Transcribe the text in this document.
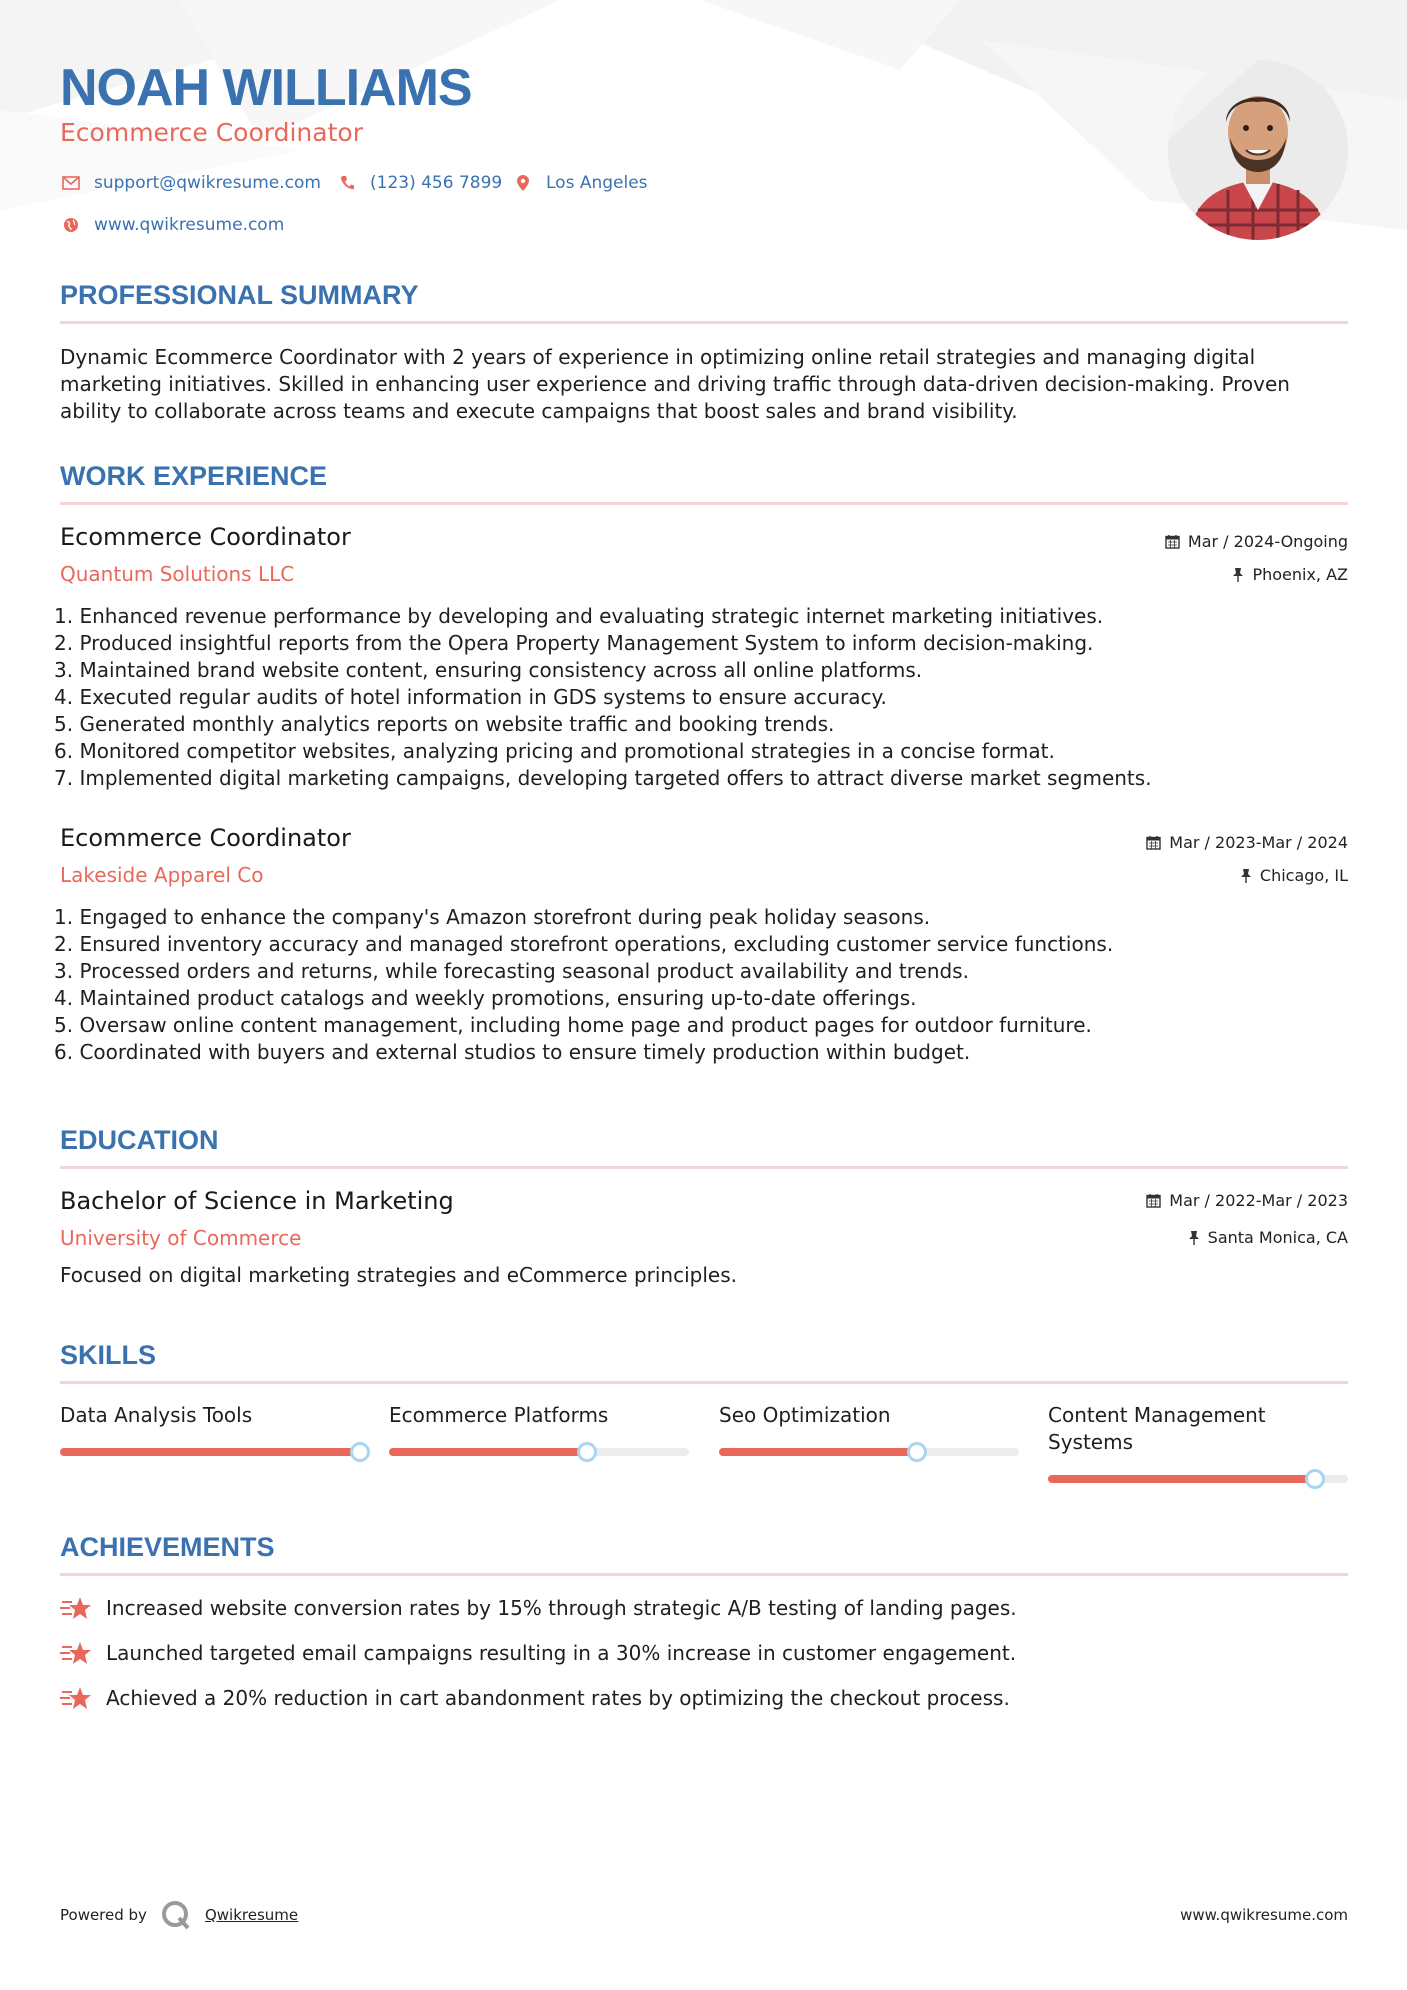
NOAH WILLIAMS
Ecommerce Coordinator
support@qwikresume.com	(123) 456 7899	Los Angeles
www.qwikresume.com
PROFESSIONAL SUMMARY
Dynamic Ecommerce Coordinator with 2 years of experience in optimizing online retail strategies and managing digital marketing initiatives. Skilled in enhancing user experience and driving traffic through data-driven decision-making. Proven ability to collaborate across teams and execute campaigns that boost sales and brand visibility.
WORK EXPERIENCE
Ecommerce Coordinator
Quantum Solutions LLC
Mar / 2024-Ongoing
Phoenix, AZ
1. Enhanced revenue performance by developing and evaluating strategic internet marketing initiatives.
2. Produced insightful reports from the Opera Property Management System to inform decision-making.
3. Maintained brand website content, ensuring consistency across all online platforms.
4. Executed regular audits of hotel information in GDS systems to ensure accuracy.
5. Generated monthly analytics reports on website traffic and booking trends.
6. Monitored competitor websites, analyzing pricing and promotional strategies in a concise format.
7. Implemented digital marketing campaigns, developing targeted offers to attract diverse market segments.
Ecommerce Coordinator
Lakeside Apparel Co
Mar / 2023-Mar / 2024
Chicago, IL
1. Engaged to enhance the company's Amazon storefront during peak holiday seasons.
2. Ensured inventory accuracy and managed storefront operations, excluding customer service functions.
3. Processed orders and returns, while forecasting seasonal product availability and trends.
4. Maintained product catalogs and weekly promotions, ensuring up-to-date offerings.
5. Oversaw online content management, including home page and product pages for outdoor furniture.
6. Coordinated with buyers and external studios to ensure timely production within budget.
EDUCATION
Bachelor of Science in Marketing
University of Commerce
Mar / 2022-Mar / 2023
Santa Monica, CA
Focused on digital marketing strategies and eCommerce principles.
SKILLS
Data Analysis Tools	Ecommerce Platforms	Seo Optimization	Content Management Systems
ACHIEVEMENTS
Increased website conversion rates by 15% through strategic A/B testing of landing pages.
Launched targeted email campaigns resulting in a 30% increase in customer engagement.
Achieved a 20% reduction in cart abandonment rates by optimizing the checkout process.
Powered by	Qwikresume	www.qwikresume.com
